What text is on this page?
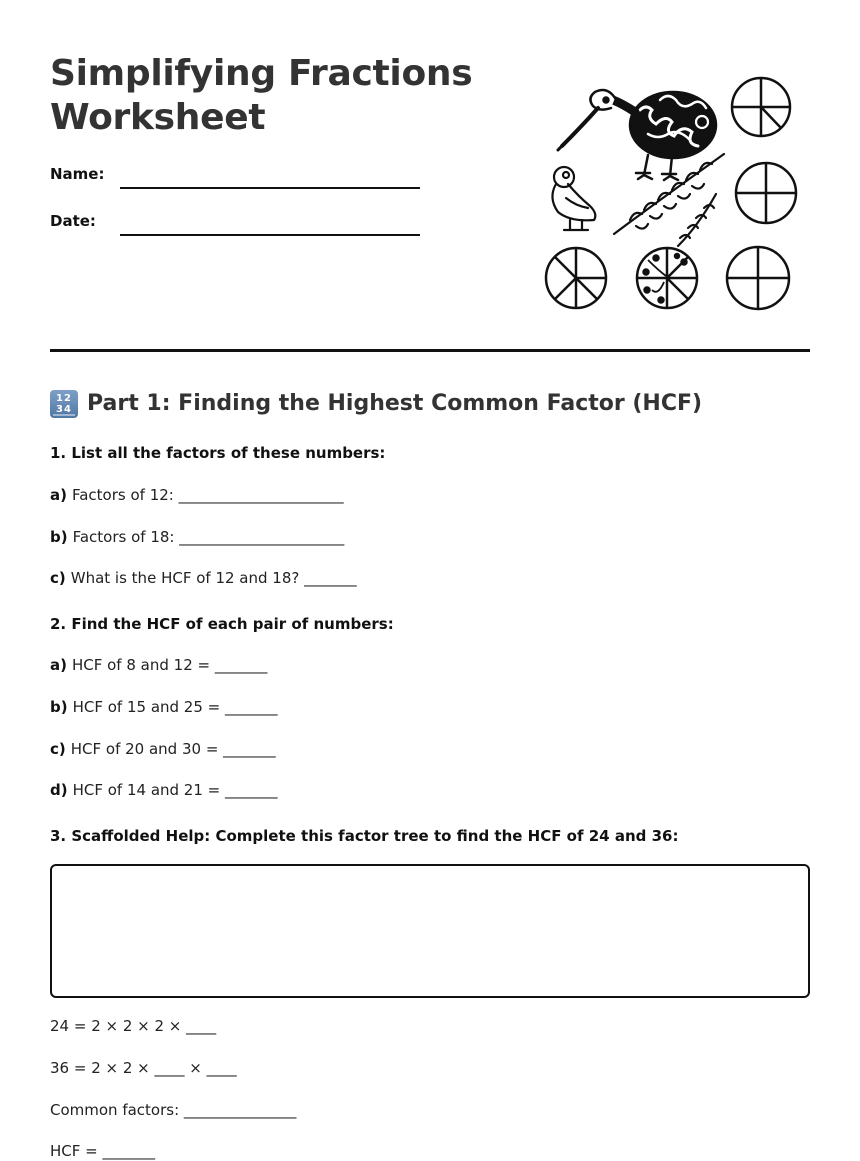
Simplifying Fractions
Worksheet
Name:
Date:
12
34 Part 1: Finding the Highest Common Factor (HCF)

1. List all the factors of these numbers:

a) Factors of 12: ______________________

b) Factors of 18: ______________________

c) What is the HCF of 12 and 18? _______

2. Find the HCF of each pair of numbers:

a) HCF of 8 and 12 = _______

b) HCF of 15 and 25 = _______

c) HCF of 20 and 30 = _______

d) HCF of 14 and 21 = _______

3. Scaffolded Help: Complete this factor tree to find the HCF of 24 and 36:

24 = 2 × 2 × 2 × ____

36 = 2 × 2 × ____ × ____

Common factors: _______________

HCF = _______
